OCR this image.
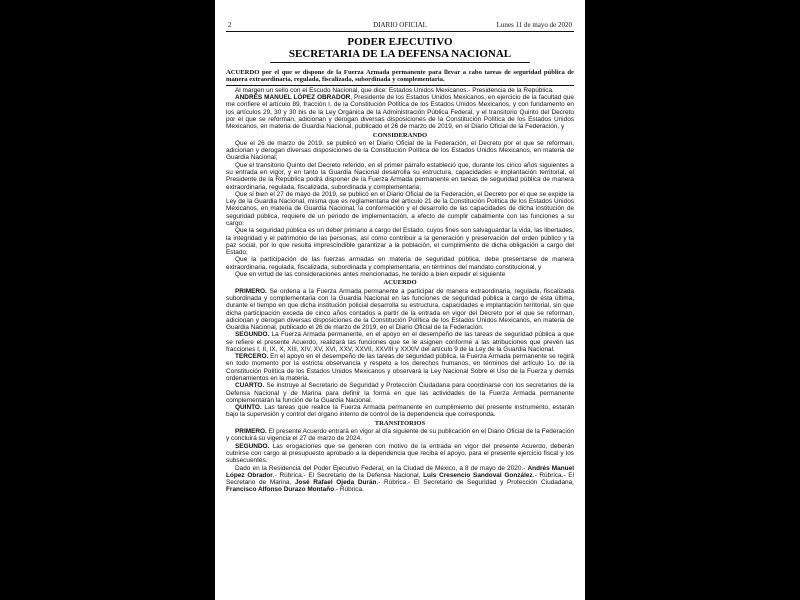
2	DIARIO OFICIAL	Lunes 11 de mayo de 2020
PODER EJECUTIVO
SECRETARIA DE LA DEFENSA NACIONAL
ACUERDO por el que se dispone de la Fuerza Armada permanente para llevar a cabo tareas de seguridad pública de manera extraordinaria, regulada, fiscalizada, subordinada y complementaria.

Al margen un sello con el Escudo Nacional, que dice: Estados Unidos Mexicanos.- Presidencia de la República.

ANDRÉS MANUEL LÓPEZ OBRADOR, Presidente de los Estados Unidos Mexicanos, en ejercicio de la facultad que me confiere el artículo 89, fracción I, de la Constitución Política de los Estados Unidos Mexicanos, y con fundamento en los artículos 29, 30 y 30 bis de la Ley Orgánica de la Administración Pública Federal, y el transitorio Quinto del Decreto por el que se reforman, adicionan y derogan diversas disposiciones de la Constitución Política de los Estados Unidos Mexicanos, en materia de Guardia Nacional, publicado el 26 de marzo de 2019, en el Diario Oficial de la Federación, y

CONSIDERANDO

Que el 26 de marzo de 2019, se publicó en el Diario Oficial de la Federación, el Decreto por el que se reforman, adicionan y derogan diversas disposiciones de la Constitución Política de los Estados Unidos Mexicanos, en materia de Guardia Nacional;

Que el transitorio Quinto del Decreto referido, en el primer párrafo estableció que, durante los cinco años siguientes a su entrada en vigor, y en tanto la Guardia Nacional desarrolla su estructura, capacidades e implantación territorial, el Presidente de la República podrá disponer de la Fuerza Armada permanente en tareas de seguridad pública de manera extraordinaria, regulada, fiscalizada, subordinada y complementaria;

Que si bien el 27 de mayo de 2019, se publicó en el Diario Oficial de la Federación, el Decreto por el que se expide la Ley de la Guardia Nacional, misma que es reglamentaria del artículo 21 de la Constitución Política de los Estados Unidos Mexicanos, en materia de Guardia Nacional, la conformación y el desarrollo de las capacidades de dicha institución de seguridad pública, requiere de un periodo de implementación, a efecto de cumplir cabalmente con las funciones a su cargo;

Que la seguridad pública es un deber primario a cargo del Estado, cuyos fines son salvaguardar la vida, las libertades, la integridad y el patrimonio de las personas, así como contribuir a la generación y preservación del orden público y la paz social, por lo que resulta imprescindible garantizar a la población, el cumplimiento de dicha obligación a cargo del Estado;

Que la participación de las fuerzas armadas en materia de seguridad pública, debe presentarse de manera extraordinaria, regulada, fiscalizada, subordinada y complementaria, en términos del mandato constitucional, y

Que en virtud de las consideraciones antes mencionadas, he tenido a bien expedir el siguiente

ACUERDO

PRIMERO. Se ordena a la Fuerza Armada permanente a participar de manera extraordinaria, regulada, fiscalizada subordinada y complementaria con la Guardia Nacional en las funciones de seguridad pública a cargo de ésta última, durante el tiempo en que dicha institución policial desarrolla su estructura, capacidades e implantación territorial, sin que dicha participación exceda de cinco años contados a partir de la entrada en vigor del Decreto por el que se reforman, adicionan y derogan diversas disposiciones de la Constitución Política de los Estados Unidos Mexicanos, en materia de Guardia Nacional, publicado el 26 de marzo de 2019, en el Diario Oficial de la Federación.

SEGUNDO. La Fuerza Armada permanente, en el apoyo en el desempeño de las tareas de seguridad pública a que se refiere el presente Acuerdo, realizará las funciones que se le asignen conforme a las atribuciones que prevén las fracciones I, II, IX, X, XIII, XIV, XV, XVI, XXV, XXVII, XXVIII y XXXIV del artículo 9 de la Ley de la Guardia Nacional.

TERCERO. En el apoyo en el desempeño de las tareas de seguridad pública, la Fuerza Armada permanente se regirá en todo momento por la estricta observancia y respeto a los derechos humanos, en términos del artículo 1o. de la Constitución Política de los Estados Unidos Mexicanos y observará la Ley Nacional Sobre el Uso de la Fuerza y demás ordenamientos en la materia.

CUARTO. Se instruye al Secretario de Seguridad y Protección Ciudadana para coordinarse con los secretarios de la Defensa Nacional y de Marina para definir la forma en que las actividades de la Fuerza Armada permanente complementarán la función de la Guardia Nacional.

QUINTO. Las tareas que realice la Fuerza Armada permanente en cumplimiento del presente instrumento, estarán bajo la supervisión y control del órgano interno de control de la dependencia que corresponda.

TRANSITORIOS

PRIMERO. El presente Acuerdo entrará en vigor al día siguiente de su publicación en el Diario Oficial de la Federación y concluirá su vigencia el 27 de marzo de 2024.

SEGUNDO. Las erogaciones que se generen con motivo de la entrada en vigor del presente Acuerdo, deberán cubrirse con cargo al presupuesto aprobado a la dependencia que reciba el apoyo, para el presente ejercicio fiscal y los subsecuentes.

Dado en la Residencia del Poder Ejecutivo Federal, en la Ciudad de México, a 8 de mayo de 2020.- Andrés Manuel López Obrador.- Rúbrica.- El Secretario de la Defensa Nacional, Luis Cresencio Sandoval González.- Rúbrica.- El Secretario de Marina, José Rafael Ojeda Durán.- Rúbrica.- El Secretario de Seguridad y Protección Ciudadana, Francisco Alfonso Durazo Montaño.- Rúbrica.
